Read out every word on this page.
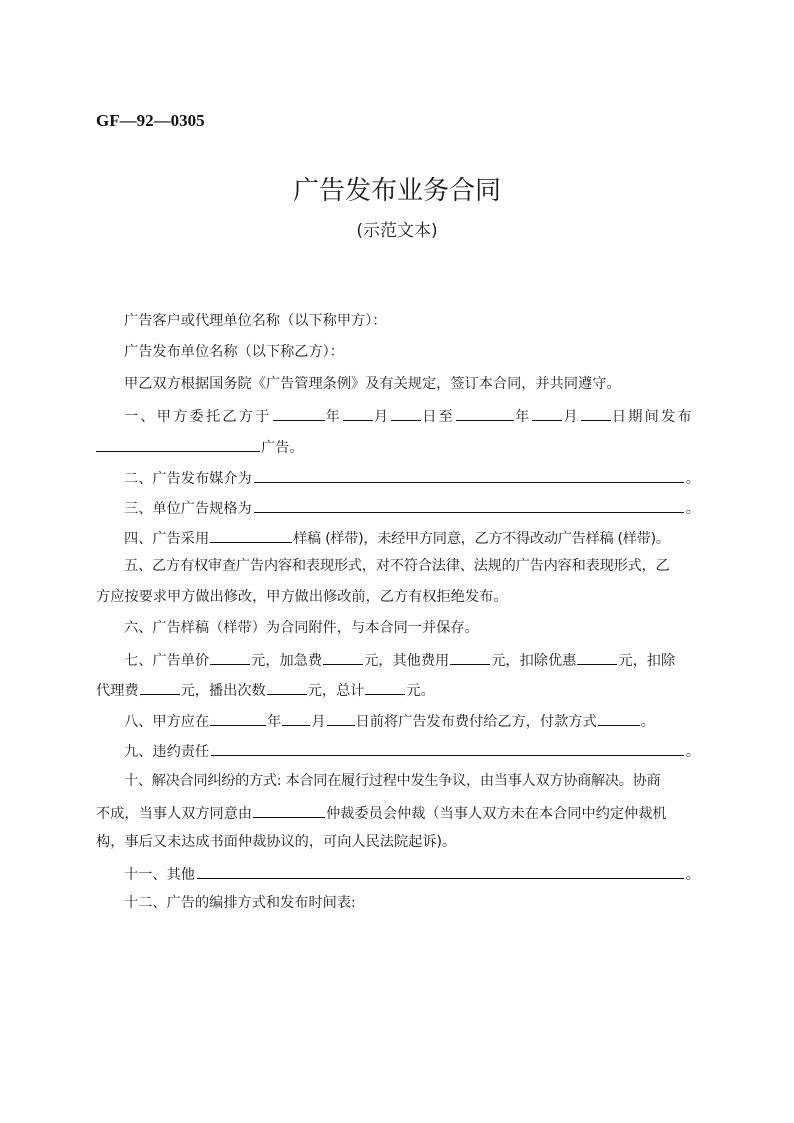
GF—92—0305
广告发布业务合同
(示范文本)
广告客户或代理单位名称（以下称甲方）：
广告发布单位名称（以下称乙方）：
甲乙双方根据国务院《广告管理条例》及有关规定，签订本合同，并共同遵守。
一、甲方委托乙方于	年 月 日至	年 月 日期间发布
广告。
二、广告发布媒介为	。
三、单位广告规格为	。
四、广告采用	样稿 (样带)，未经甲方同意，乙方不得改动广告样稿 (样带)。
五、乙方有权审查广告内容和表现形式，对不符合法律、法规的广告内容和表现形式，乙
方应按要求甲方做出修改，甲方做出修改前，乙方有权拒绝发布。
六、广告样稿（样带）为合同附件，与本合同一并保存。
七、广告单价	元，加急费	元，其他费用	元，扣除优惠	元，扣除
代理费	元，播出次数	元，总计	元。
八、甲方应在	年 月 日前将广告发布费付给乙方，付款方式	。
九、违约责任	。
十、解决合同纠纷的方式: 本合同在履行过程中发生争议，由当事人双方协商解决。协商
不成，当事人双方同意由	仲裁委员会仲裁（当事人双方未在本合同中约定仲裁机
构，事后又未达成书面仲裁协议的，可向人民法院起诉)。
十一、其他	。
十二、广告的编排方式和发布时间表:
